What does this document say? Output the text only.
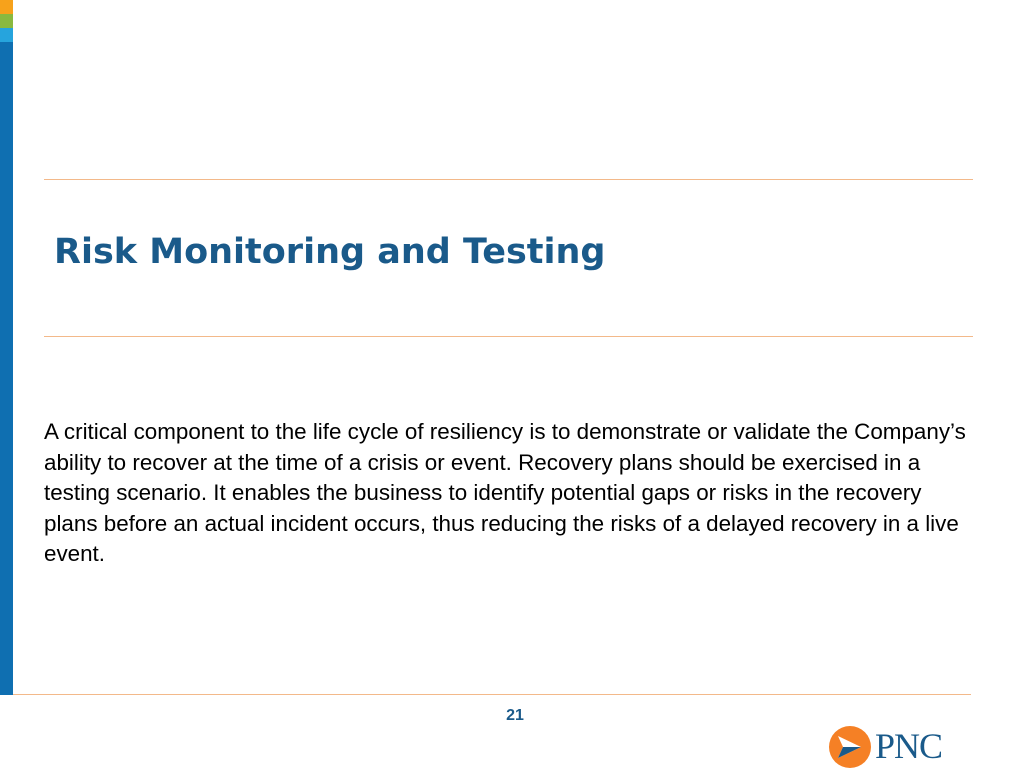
Risk Monitoring and Testing

A critical component to the life cycle of resiliency is to demonstrate or validate the Company’s ability to recover at the time of a crisis or event. Recovery plans should be exercised in a testing scenario. It enables the business to identify potential gaps or risks in the recovery plans before an actual incident occurs, thus reducing the risks of a delayed recovery in a live event.

21
PNC
